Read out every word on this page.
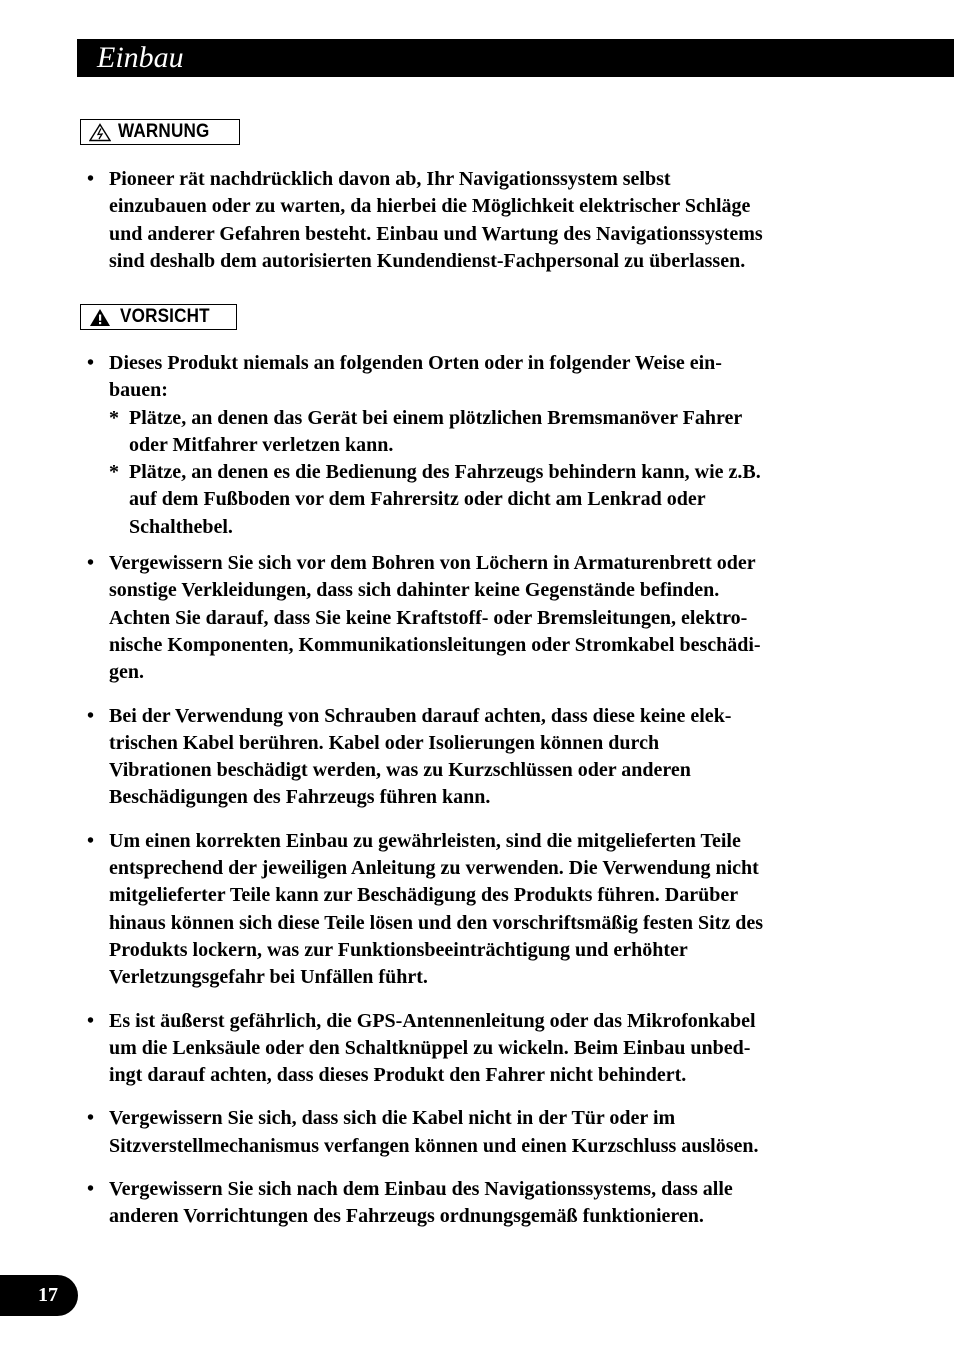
Einbau
WARNUNG
• Pioneer rät nachdrücklich davon ab, Ihr Navigationssystem selbst
einzubauen oder zu warten, da hierbei die Möglichkeit elektrischer Schläge
und anderer Gefahren besteht. Einbau und Wartung des Navigationssystems
sind deshalb dem autorisierten Kundendienst-Fachpersonal zu überlassen.
VORSICHT
• Dieses Produkt niemals an folgenden Orten oder in folgender Weise ein-
bauen:
* Plätze, an denen das Gerät bei einem plötzlichen Bremsmanöver Fahrer
oder Mitfahrer verletzen kann.
* Plätze, an denen es die Bedienung des Fahrzeugs behindern kann, wie z.B.
auf dem Fußboden vor dem Fahrersitz oder dicht am Lenkrad oder
Schalthebel.
• Vergewissern Sie sich vor dem Bohren von Löchern in Armaturenbrett oder
sonstige Verkleidungen, dass sich dahinter keine Gegenstände befinden.
Achten Sie darauf, dass Sie keine Kraftstoff- oder Bremsleitungen, elektro-
nische Komponenten, Kommunikationsleitungen oder Stromkabel beschädi-
gen.
• Bei der Verwendung von Schrauben darauf achten, dass diese keine elek-
trischen Kabel berühren. Kabel oder Isolierungen können durch
Vibrationen beschädigt werden, was zu Kurzschlüssen oder anderen
Beschädigungen des Fahrzeugs führen kann.
• Um einen korrekten Einbau zu gewährleisten, sind die mitgelieferten Teile
entsprechend der jeweiligen Anleitung zu verwenden. Die Verwendung nicht
mitgelieferter Teile kann zur Beschädigung des Produkts führen. Darüber
hinaus können sich diese Teile lösen und den vorschriftsmäßig festen Sitz des
Produkts lockern, was zur Funktionsbeeinträchtigung und erhöhter
Verletzungsgefahr bei Unfällen führt.
• Es ist äußerst gefährlich, die GPS-Antennenleitung oder das Mikrofonkabel
um die Lenksäule oder den Schaltknüppel zu wickeln. Beim Einbau unbed-
ingt darauf achten, dass dieses Produkt den Fahrer nicht behindert.
• Vergewissern Sie sich, dass sich die Kabel nicht in der Tür oder im
Sitzverstellmechanismus verfangen können und einen Kurzschluss auslösen.
• Vergewissern Sie sich nach dem Einbau des Navigationssystems, dass alle
anderen Vorrichtungen des Fahrzeugs ordnungsgemäß funktionieren.
17
